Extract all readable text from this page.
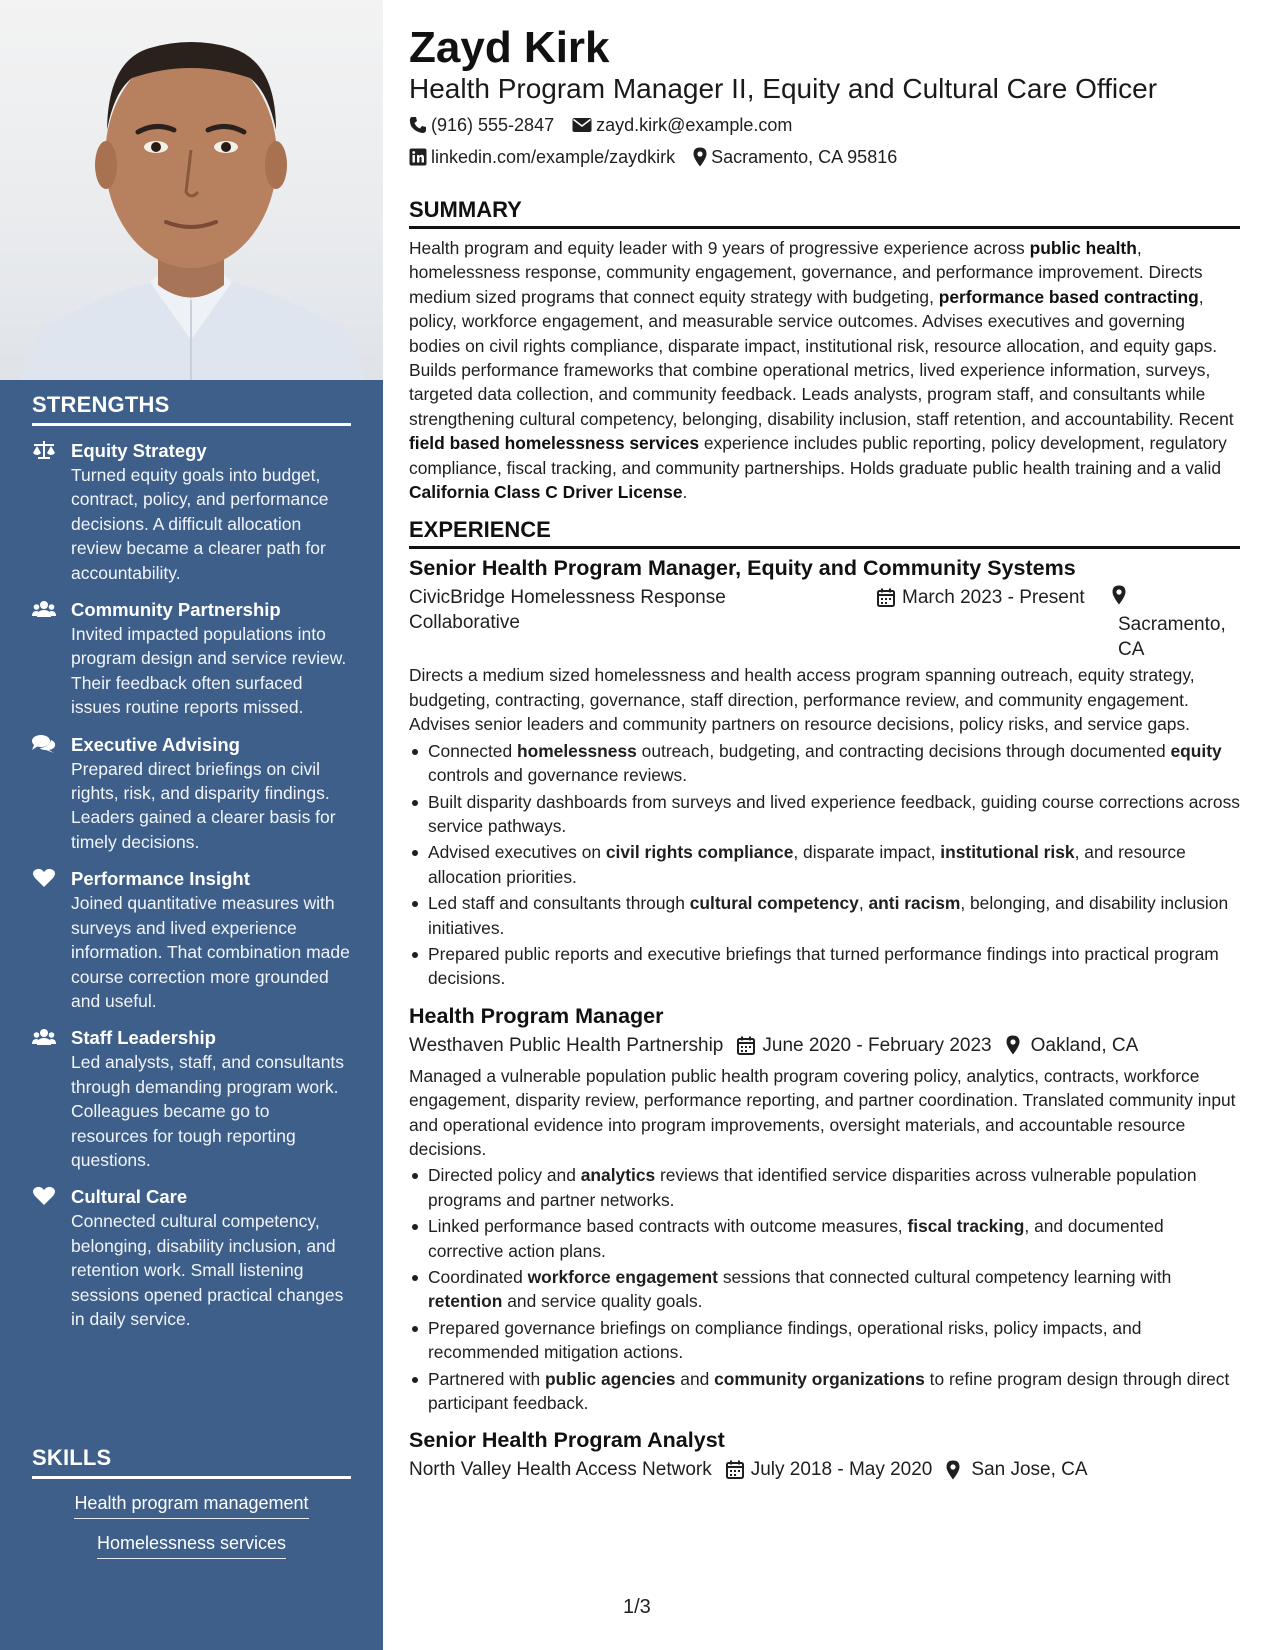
STRENGTHS
Equity Strategy
Turned equity goals into budget, contract, policy, and performance decisions. A difficult allocation review became a clearer path for accountability.
Community Partnership
Invited impacted populations into program design and service review. Their feedback often surfaced issues routine reports missed.
Executive Advising
Prepared direct briefings on civil rights, risk, and disparity findings. Leaders gained a clearer basis for timely decisions.
Performance Insight
Joined quantitative measures with surveys and lived experience information. That combination made course correction more grounded and useful.
Staff Leadership
Led analysts, staff, and consultants through demanding program work. Colleagues became go to resources for tough reporting questions.
Cultural Care
Connected cultural competency, belonging, disability inclusion, and retention work. Small listening sessions opened practical changes in daily service.
SKILLS
Health program management
Homelessness services
Zayd Kirk
Health Program Manager II, Equity and Cultural Care Officer
(916) 555-2847 zayd.kirk@example.com
linkedin.com/example/zaydkirk Sacramento, CA 95816
SUMMARY
Health program and equity leader with 9 years of progressive experience across public health, homelessness response, community engagement, governance, and performance improvement. Directs medium sized programs that connect equity strategy with budgeting, performance based contracting, policy, workforce engagement, and measurable service outcomes. Advises executives and governing bodies on civil rights compliance, disparate impact, institutional risk, resource allocation, and equity gaps. Builds performance frameworks that combine operational metrics, lived experience information, surveys, targeted data collection, and community feedback. Leads analysts, program staff, and consultants while strengthening cultural competency, belonging, disability inclusion, staff retention, and accountability. Recent field based homelessness services experience includes public reporting, policy development, regulatory compliance, fiscal tracking, and community partnerships. Holds graduate public health training and a valid California Class C Driver License.
EXPERIENCE
Senior Health Program Manager, Equity and Community Systems
CivicBridge Homelessness Response Collaborative
March 2023 - Present
Sacramento, CA
Directs a medium sized homelessness and health access program spanning outreach, equity strategy, budgeting, contracting, governance, staff direction, performance review, and community engagement. Advises senior leaders and community partners on resource decisions, policy risks, and service gaps.
Connected homelessness outreach, budgeting, and contracting decisions through documented equity controls and governance reviews.
Built disparity dashboards from surveys and lived experience feedback, guiding course corrections across service pathways.
Advised executives on civil rights compliance, disparate impact, institutional risk, and resource allocation priorities.
Led staff and consultants through cultural competency, anti racism, belonging, and disability inclusion initiatives.
Prepared public reports and executive briefings that turned performance findings into practical program decisions.
Health Program Manager
Westhaven Public Health Partnership June 2020 - February 2023 Oakland, CA
Managed a vulnerable population public health program covering policy, analytics, contracts, workforce engagement, disparity review, performance reporting, and partner coordination. Translated community input and operational evidence into program improvements, oversight materials, and accountable resource decisions.
Directed policy and analytics reviews that identified service disparities across vulnerable population programs and partner networks.
Linked performance based contracts with outcome measures, fiscal tracking, and documented corrective action plans.
Coordinated workforce engagement sessions that connected cultural competency learning with retention and service quality goals.
Prepared governance briefings on compliance findings, operational risks, policy impacts, and recommended mitigation actions.
Partnered with public agencies and community organizations to refine program design through direct participant feedback.
Senior Health Program Analyst
North Valley Health Access Network July 2018 - May 2020 San Jose, CA
1/3
